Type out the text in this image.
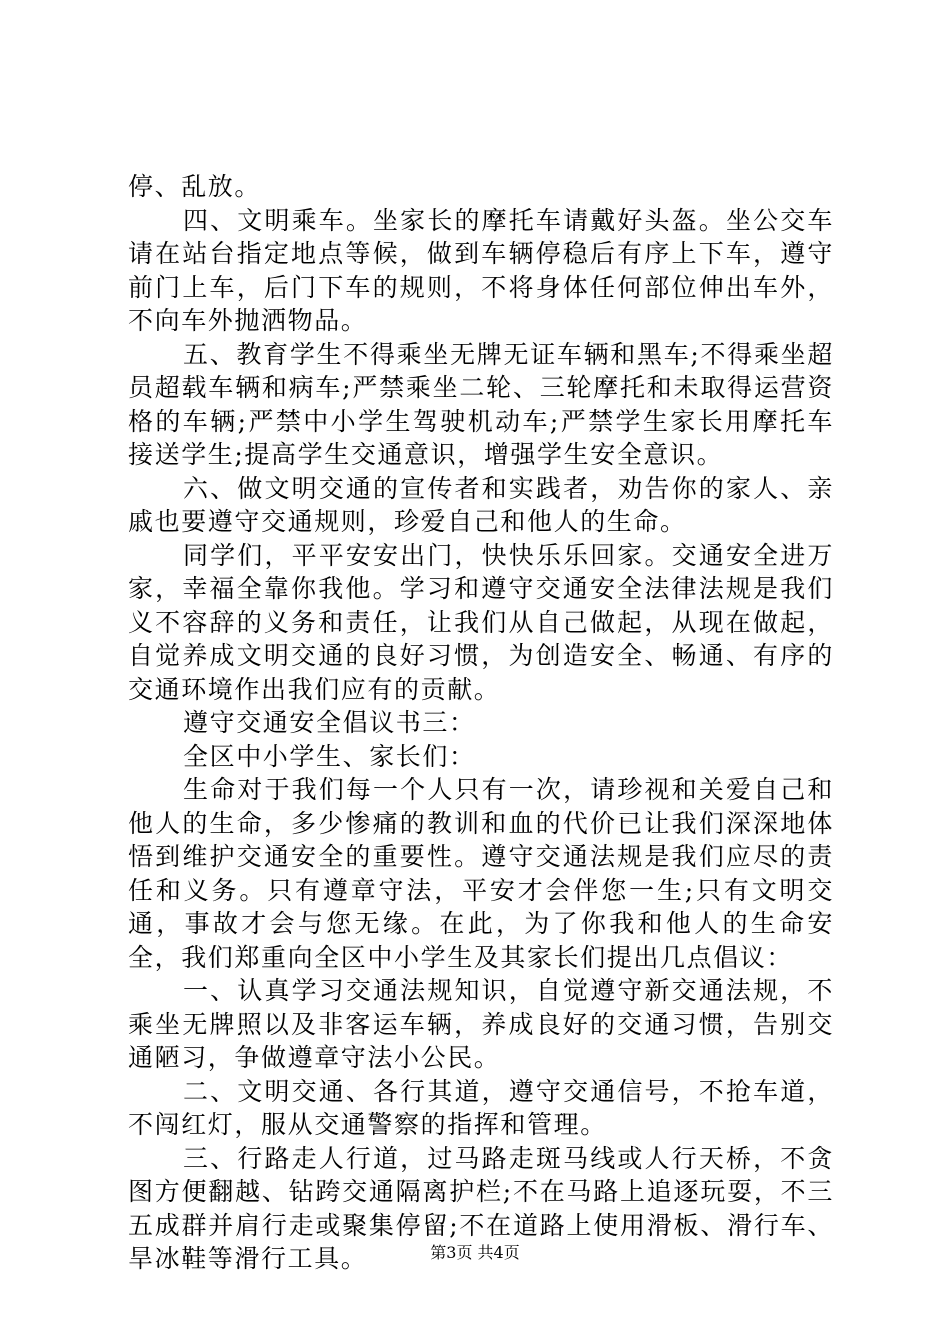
停、乱放。

四、文明乘车。坐家长的摩托车请戴好头盔。坐公交车请在站台指定地点等候，做到车辆停稳后有序上下车，遵守前门上车，后门下车的规则，不将身体任何部位伸出车外，不向车外抛洒物品。

五、教育学生不得乘坐无牌无证车辆和黑车;不得乘坐超员超载车辆和病车;严禁乘坐二轮、三轮摩托和未取得运营资格的车辆;严禁中小学生驾驶机动车;严禁学生家长用摩托车接送学生;提高学生交通意识，增强学生安全意识。

六、做文明交通的宣传者和实践者，劝告你的家人、亲戚也要遵守交通规则，珍爱自己和他人的生命。

同学们，平平安安出门，快快乐乐回家。交通安全进万家，幸福全靠你我他。学习和遵守交通安全法律法规是我们义不容辞的义务和责任，让我们从自己做起，从现在做起，自觉养成文明交通的良好习惯，为创造安全、畅通、有序的交通环境作出我们应有的贡献。

遵守交通安全倡议书三：

全区中小学生、家长们：

生命对于我们每一个人只有一次，请珍视和关爱自己和他人的生命，多少惨痛的教训和血的代价已让我们深深地体悟到维护交通安全的重要性。遵守交通法规是我们应尽的责任和义务。只有遵章守法，平安才会伴您一生;只有文明交通，事故才会与您无缘。在此，为了你我和他人的生命安全，我们郑重向全区中小学生及其家长们提出几点倡议：

一、认真学习交通法规知识，自觉遵守新交通法规，不乘坐无牌照以及非客运车辆，养成良好的交通习惯，告别交通陋习，争做遵章守法小公民。

二、文明交通、各行其道，遵守交通信号，不抢车道，不闯红灯，服从交通警察的指挥和管理。

三、行路走人行道，过马路走斑马线或人行天桥，不贪图方便翻越、钻跨交通隔离护栏;不在马路上追逐玩耍，不三五成群并肩行走或聚集停留;不在道路上使用滑板、滑行车、旱冰鞋等滑行工具。	第3页 共4页
